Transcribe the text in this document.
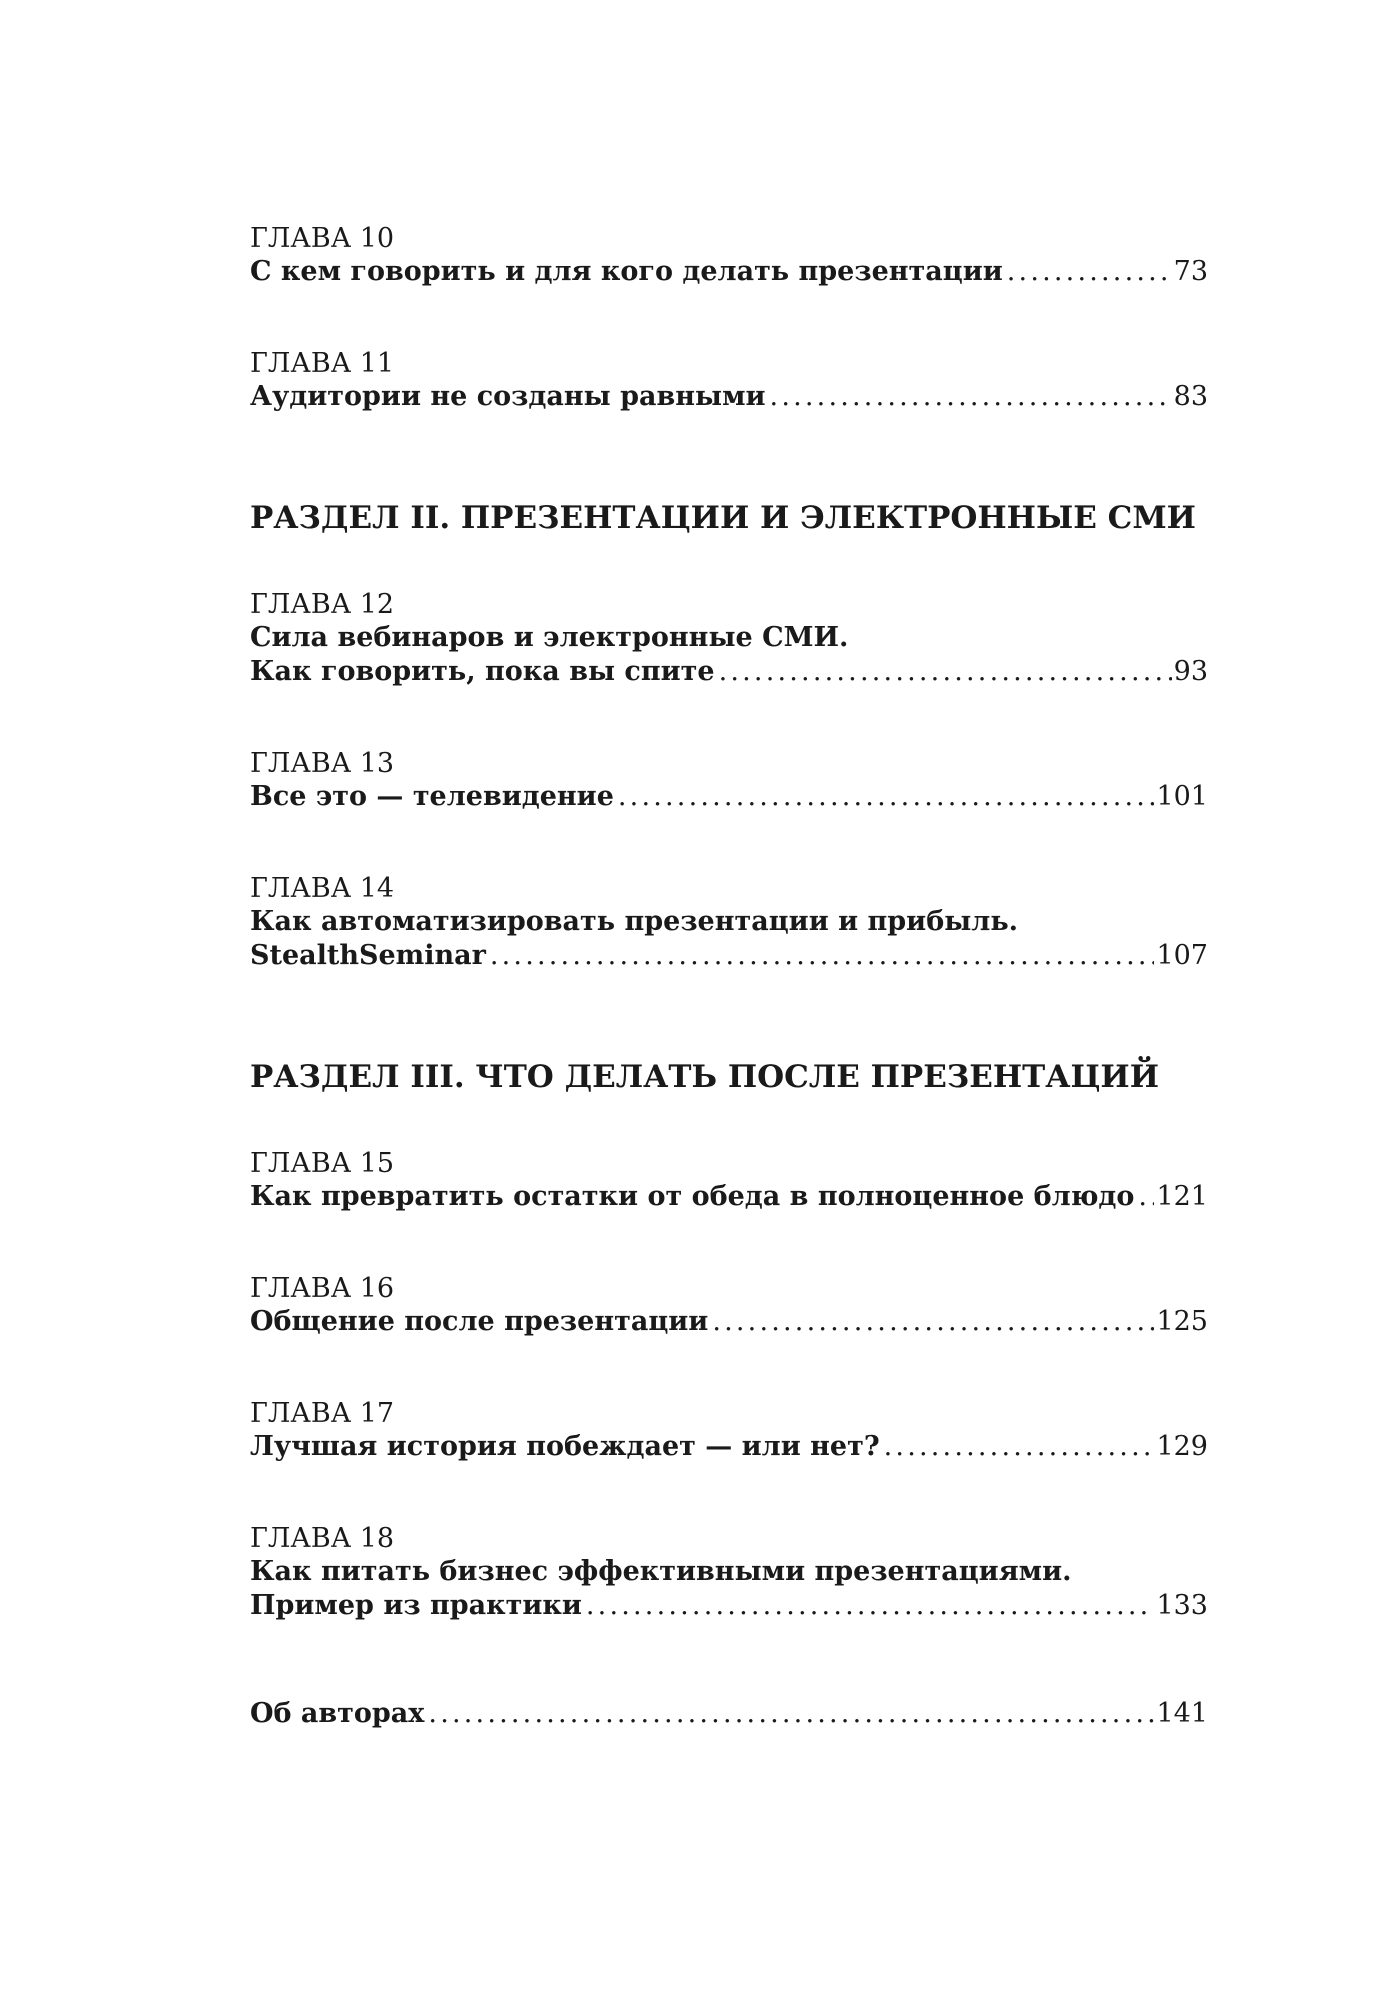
ГЛАВА 10
С кем говорить и для кого делать презентации .....	73
ГЛАВА 11
Аудитории не созданы равными .....	83
РАЗДЕЛ II. ПРЕЗЕНТАЦИИ И ЭЛЕКТРОННЫЕ СМИ
ГЛАВА 12
Сила вебинаров и электронные СМИ.
Как говорить, пока вы спите .....	93
ГЛАВА 13
Все это — телевидение .....	101
ГЛАВА 14
Как автоматизировать презентации и прибыль.
StealthSeminar .....	107
РАЗДЕЛ III. ЧТО ДЕЛАТЬ ПОСЛЕ ПРЕЗЕНТАЦИЙ
ГЛАВА 15
Как превратить остатки от обеда в полноценное блюдо ..... 121
ГЛАВА 16
Общение после презентации .....	125
ГЛАВА 17
Лучшая история побеждает — или нет? .....	129
ГЛАВА 18
Как питать бизнес эффективными презентациями.
Пример из практики .....	133
Об авторах .....	141
